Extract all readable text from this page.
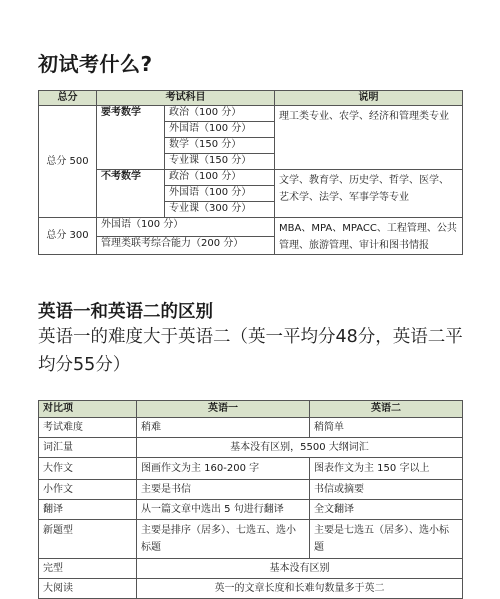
初试考什么?
总分	考试科目		说明
总分 500	要考数学	政治（100 分）	理工类专业、农学、经济和管理类专业
		外国语（100 分）	
		数学（150 分）	
		专业课（150 分）	
	不考数学	政治（100 分）	文学、教育学、历史学、哲学、医学、艺术学、法学、军事学等专业
		外国语（100 分）	
		专业课（300 分）	
总分 300	外国语（100 分）		MBA、MPA、MPACC、工程管理、公共管理、旅游管理、审计和图书情报
	管理类联考综合能力（200 分）		
英语一和英语二的区别

英语一的难度大于英语二（英一平均分48分，英语二平均分55分）

对比项	英语一	英语二
考试难度	稍难	稍简单
词汇量	基本没有区别，5500 大纲词汇	
大作文	图画作文为主 160-200 字	图表作文为主 150 字以上
小作文	主要是书信	书信或摘要
翻译	从一篇文章中选出 5 句进行翻译	全文翻译
新题型	主要是排序（居多）、七选五、选小标题	主要是七选五（居多）、选小标题
完型	基本没有区别	
大阅读	英一的文章长度和长难句数量多于英二	
